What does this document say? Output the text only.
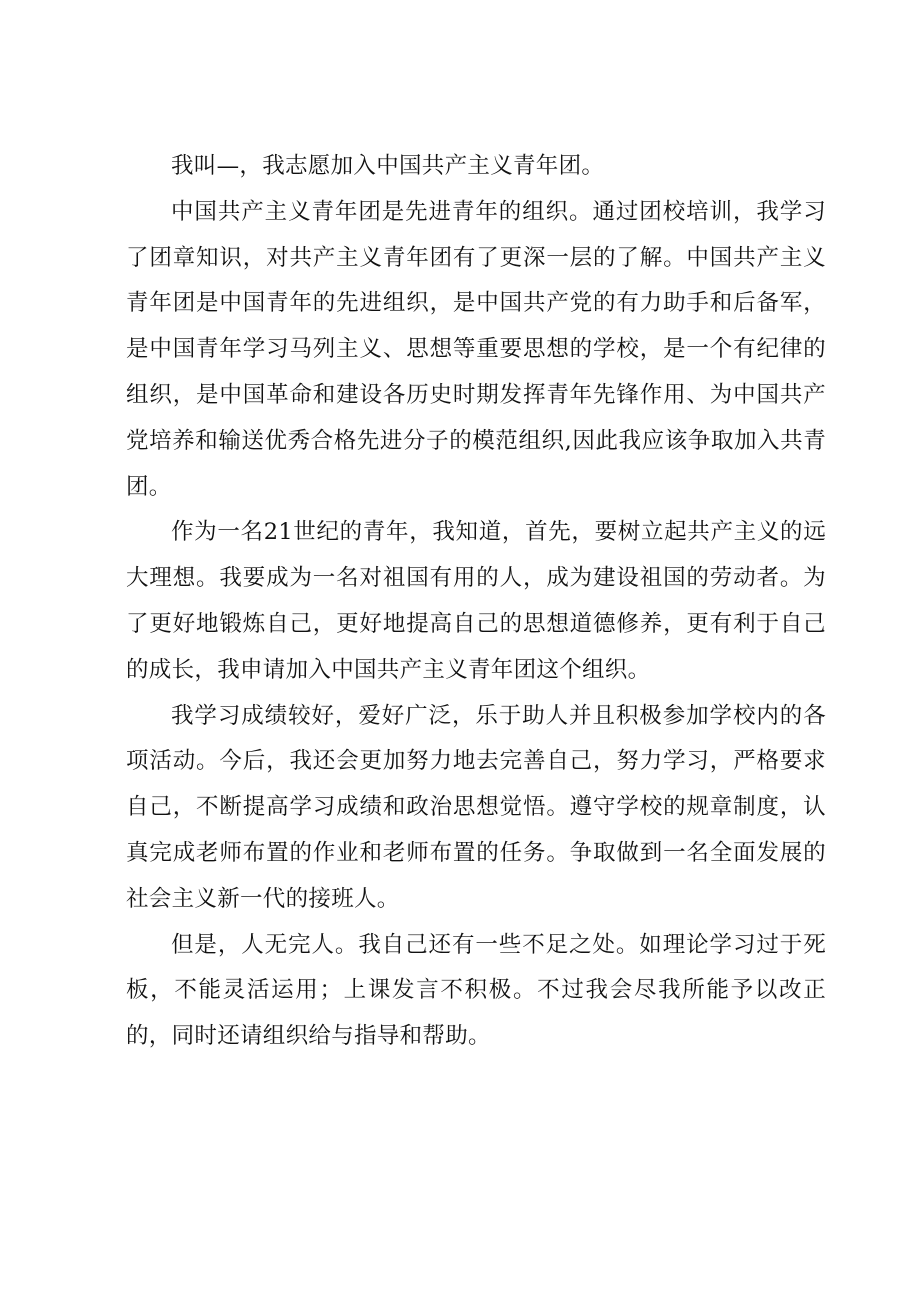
我叫—，我志愿加入中国共产主义青年团。

中国共产主义青年团是先进青年的组织。通过团校培训，我学习了团章知识，对共产主义青年团有了更深一层的了解。中国共产主义青年团是中国青年的先进组织，是中国共产党的有力助手和后备军，是中国青年学习马列主义、思想等重要思想的学校，是一个有纪律的组织，是中国革命和建设各历史时期发挥青年先锋作用、为中国共产党培养和输送优秀合格先进分子的模范组织,因此我应该争取加入共青团。

作为一名21世纪的青年，我知道，首先，要树立起共产主义的远大理想。我要成为一名对祖国有用的人，成为建设祖国的劳动者。为了更好地锻炼自己，更好地提高自己的思想道德修养，更有利于自己的成长，我申请加入中国共产主义青年团这个组织。

我学习成绩较好，爱好广泛，乐于助人并且积极参加学校内的各项活动。今后，我还会更加努力地去完善自己，努力学习，严格要求自己，不断提高学习成绩和政治思想觉悟。遵守学校的规章制度，认真完成老师布置的作业和老师布置的任务。争取做到一名全面发展的社会主义新一代的接班人。

但是，人无完人。我自己还有一些不足之处。如理论学习过于死板，不能灵活运用；上课发言不积极。不过我会尽我所能予以改正的，同时还请组织给与指导和帮助。
